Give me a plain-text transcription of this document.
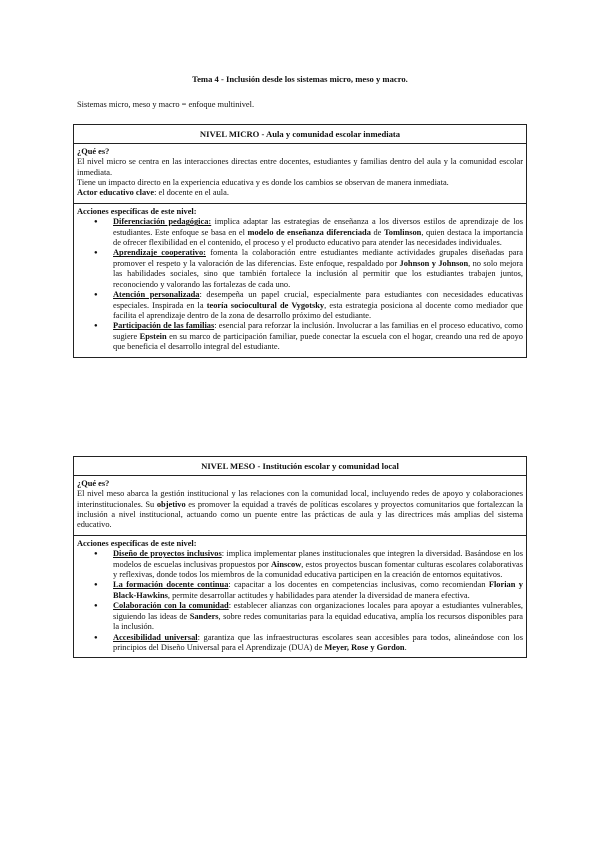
Tema 4 - Inclusión desde los sistemas micro, meso y macro.
Sistemas micro, meso y macro = enfoque multinivel.
NIVEL MICRO - Aula y comunidad escolar inmediata

¿Qué es?

El nivel micro se centra en las interacciones directas entre docentes, estudiantes y familias dentro del aula y la comunidad escolar inmediata.

Tiene un impacto directo en la experiencia educativa y es donde los cambios se observan de manera inmediata.

Actor educativo clave: el docente en el aula.

Acciones específicas de este nivel:

● Diferenciación pedagógica: implica adaptar las estrategias de enseñanza a los diversos estilos de aprendizaje de los estudiantes. Este enfoque se basa en el modelo de enseñanza diferenciada de Tomlinson, quien destaca la importancia de ofrecer flexibilidad en el contenido, el proceso y el producto educativo para atender las necesidades individuales.
● Aprendizaje cooperativo: fomenta la colaboración entre estudiantes mediante actividades grupales diseñadas para promover el respeto y la valoración de las diferencias. Este enfoque, respaldado por Johnson y Johnson, no solo mejora las habilidades sociales, sino que también fortalece la inclusión al permitir que los estudiantes trabajen juntos, reconociendo y valorando las fortalezas de cada uno.
● Atención personalizada: desempeña un papel crucial, especialmente para estudiantes con necesidades educativas especiales. Inspirada en la teoría sociocultural de Vygotsky, esta estrategia posiciona al docente como mediador que facilita el aprendizaje dentro de la zona de desarrollo próximo del estudiante.
● Participación de las familias: esencial para reforzar la inclusión. Involucrar a las familias en el proceso educativo, como sugiere Epstein en su marco de participación familiar, puede conectar la escuela con el hogar, creando una red de apoyo que beneficia el desarrollo integral del estudiante.
NIVEL MESO - Institución escolar y comunidad local

¿Qué es?

El nivel meso abarca la gestión institucional y las relaciones con la comunidad local, incluyendo redes de apoyo y colaboraciones interinstitucionales. Su objetivo es promover la equidad a través de políticas escolares y proyectos comunitarios que fortalezcan la inclusión a nivel institucional, actuando como un puente entre las prácticas de aula y las directrices más amplias del sistema educativo.

Acciones específicas de este nivel:

● Diseño de proyectos inclusivos: implica implementar planes institucionales que integren la diversidad. Basándose en los modelos de escuelas inclusivas propuestos por Ainscow, estos proyectos buscan fomentar culturas escolares colaborativas y reflexivas, donde todos los miembros de la comunidad educativa participen en la creación de entornos equitativos.
● La formación docente continua: capacitar a los docentes en competencias inclusivas, como recomiendan Florian y Black-Hawkins, permite desarrollar actitudes y habilidades para atender la diversidad de manera efectiva.
● Colaboración con la comunidad: establecer alianzas con organizaciones locales para apoyar a estudiantes vulnerables, siguiendo las ideas de Sanders, sobre redes comunitarias para la equidad educativa, amplía los recursos disponibles para la inclusión.
● Accesibilidad universal: garantiza que las infraestructuras escolares sean accesibles para todos, alineándose con los principios del Diseño Universal para el Aprendizaje (DUA) de Meyer, Rose y Gordon.
